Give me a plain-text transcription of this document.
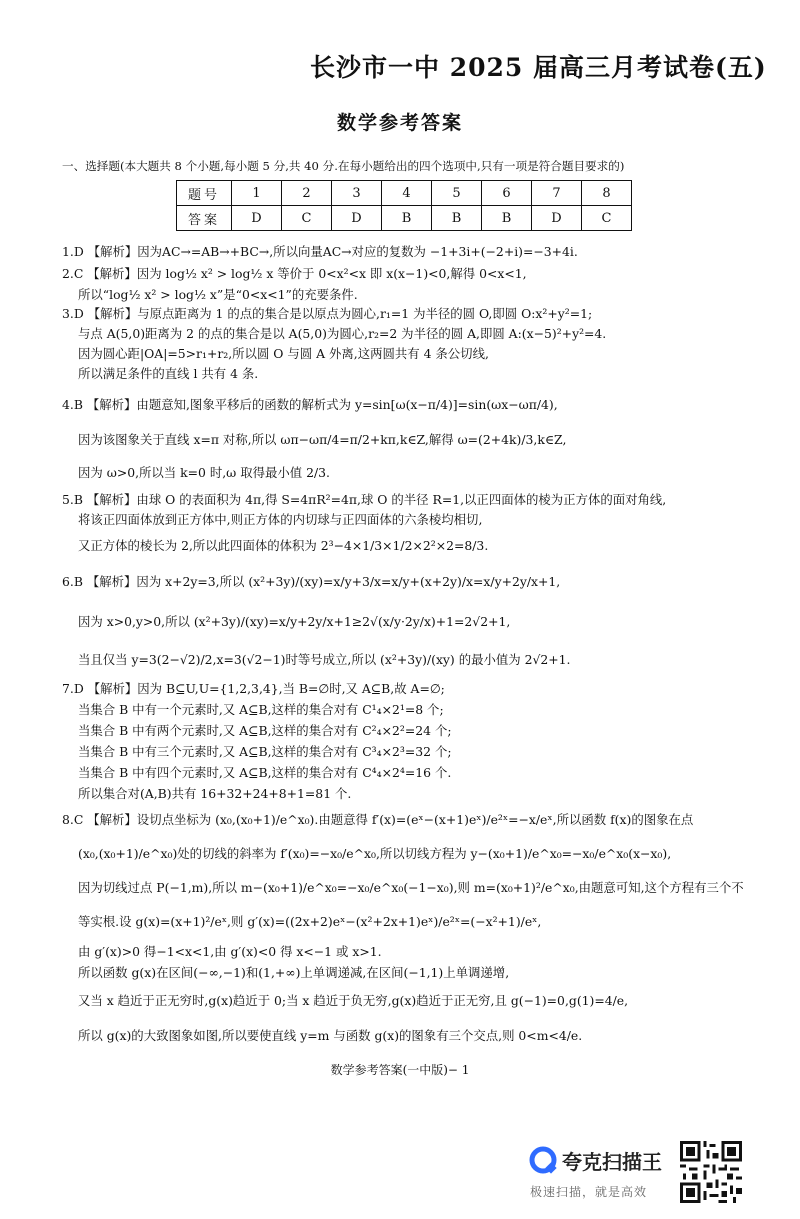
长沙市一中 2025 届高三月考试卷(五)
数学参考答案
一、选择题(本大题共 8 个小题,每小题 5 分,共 40 分.在每小题给出的四个选项中,只有一项是符合题目要求的)
题号	1	2	3	4	5	6	7	8
答案	D	C	D	B	B	B	D	C
1.D 【解析】因为AC→=AB→+BC→,所以向量AC→对应的复数为 −1+3i+(−2+i)=−3+4i.
2.C 【解析】因为 log½ x² > log½ x 等价于 0<x²<x 即 x(x−1)<0,解得 0<x<1,
所以“log½ x² > log½ x”是“0<x<1”的充要条件.
3.D 【解析】与原点距离为 1 的点的集合是以原点为圆心,r₁=1 为半径的圆 O,即圆 O:x²+y²=1;
与点 A(5,0)距离为 2 的点的集合是以 A(5,0)为圆心,r₂=2 为半径的圆 A,即圆 A:(x−5)²+y²=4.
因为圆心距|OA|=5>r₁+r₂,所以圆 O 与圆 A 外离,这两圆共有 4 条公切线,
所以满足条件的直线 l 共有 4 条.
4.B 【解析】由题意知,图象平移后的函数的解析式为 y=sin[ω(x−π/4)]=sin(ωx−ωπ/4),
因为该图象关于直线 x=π 对称,所以 ωπ−ωπ/4=π/2+kπ,k∈Z,解得 ω=(2+4k)/3,k∈Z,
因为 ω>0,所以当 k=0 时,ω 取得最小值 2/3.
5.B 【解析】由球 O 的表面积为 4π,得 S=4πR²=4π,球 O 的半径 R=1,以正四面体的棱为正方体的面对角线,
将该正四面体放到正方体中,则正方体的内切球与正四面体的六条棱均相切,
又正方体的棱长为 2,所以此四面体的体积为 2³−4×1/3×1/2×2²×2=8/3.
6.B 【解析】因为 x+2y=3,所以 (x²+3y)/(xy)=x/y+3/x=x/y+(x+2y)/x=x/y+2y/x+1,
因为 x>0,y>0,所以 (x²+3y)/(xy)=x/y+2y/x+1≥2√(x/y·2y/x)+1=2√2+1,
当且仅当 y=3(2−√2)/2,x=3(√2−1)时等号成立,所以 (x²+3y)/(xy) 的最小值为 2√2+1.
7.D 【解析】因为 B⊆U,U={1,2,3,4},当 B=∅时,又 A⊆B,故 A=∅;
当集合 B 中有一个元素时,又 A⊆B,这样的集合对有 C¹₄×2¹=8 个;
当集合 B 中有两个元素时,又 A⊆B,这样的集合对有 C²₄×2²=24 个;
当集合 B 中有三个元素时,又 A⊆B,这样的集合对有 C³₄×2³=32 个;
当集合 B 中有四个元素时,又 A⊆B,这样的集合对有 C⁴₄×2⁴=16 个.
所以集合对(A,B)共有 16+32+24+8+1=81 个.
8.C 【解析】设切点坐标为 (x₀,(x₀+1)/e^x₀).由题意得 f′(x)=(eˣ−(x+1)eˣ)/e²ˣ=−x/eˣ,所以函数 f(x)的图象在点
(x₀,(x₀+1)/e^x₀)处的切线的斜率为 f′(x₀)=−x₀/e^x₀,所以切线方程为 y−(x₀+1)/e^x₀=−x₀/e^x₀(x−x₀),
因为切线过点 P(−1,m),所以 m−(x₀+1)/e^x₀=−x₀/e^x₀(−1−x₀),则 m=(x₀+1)²/e^x₀,由题意可知,这个方程有三个不
等实根.设 g(x)=(x+1)²/eˣ,则 g′(x)=((2x+2)eˣ−(x²+2x+1)eˣ)/e²ˣ=(−x²+1)/eˣ,
由 g′(x)>0 得−1<x<1,由 g′(x)<0 得 x<−1 或 x>1.
所以函数 g(x)在区间(−∞,−1)和(1,+∞)上单调递减,在区间(−1,1)上单调递增,
又当 x 趋近于正无穷时,g(x)趋近于 0;当 x 趋近于负无穷,g(x)趋近于正无穷,且 g(−1)=0,g(1)=4/e,
所以 g(x)的大致图象如图,所以要使直线 y=m 与函数 g(x)的图象有三个交点,则 0<m<4/e.
数学参考答案(一中版)− 1
夸克扫描王
极速扫描，就是高效
